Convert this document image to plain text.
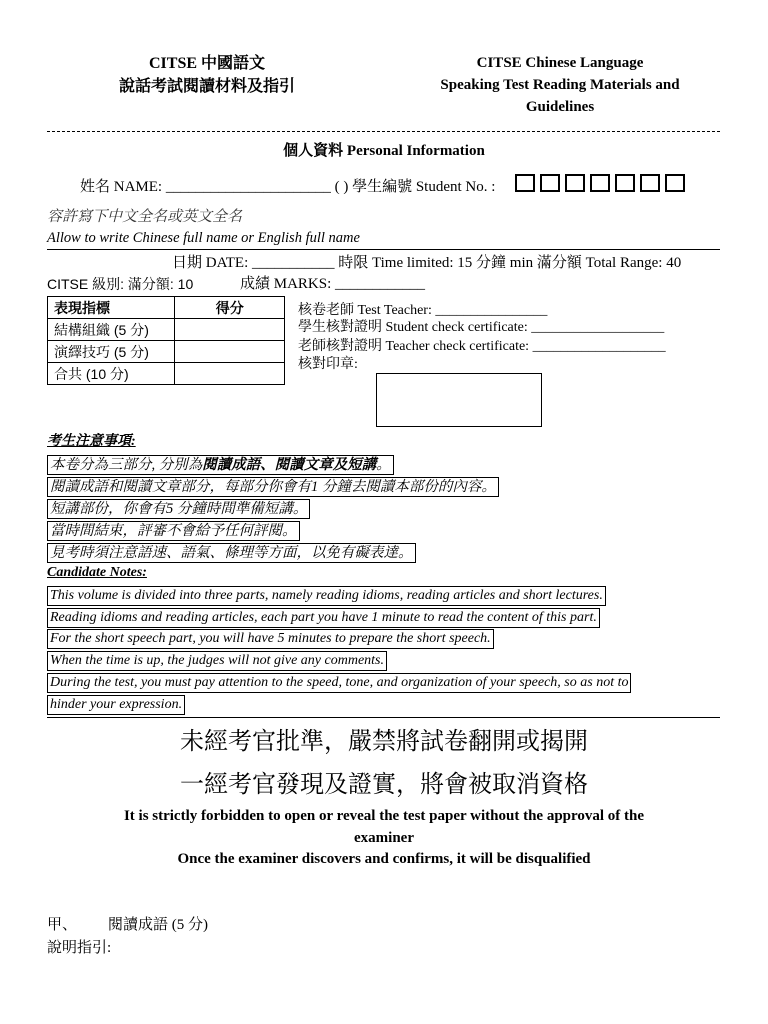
CITSE 中國語文
說話考試閱讀材料及指引
CITSE Chinese Language
Speaking Test Reading Materials and
Guidelines
個人資料 Personal Information
姓名 NAME: ______________________ ( ) 學生編號 Student No. :
容許寫下中文全名或英文全名
Allow to write Chinese full name or English full name
日期 DATE: ___________ 時限 Time limited: 15 分鐘 min 滿分額 Total Range: 40
CITSE 級別: 滿分額: 10	成績 MARKS: ____________
表現指標	得分
結構組織 (5 分)	
演繹技巧 (5 分)	
合共 (10 分)	
核卷老師 Test Teacher: ________________
學生核對證明 Student check certificate: ___________________
老師核對證明 Teacher check certificate: ___________________
核對印章:
考生注意事項:
本卷分為三部分, 分別為閱讀成語、閱讀文章及短講。
閱讀成語和閱讀文章部分，每部分你會有1 分鐘去閱讀本部份的內容。
短講部份，你會有5 分鐘時間準備短講。
當時間結束，評審不會給予任何評閱。
見考時須注意語速、語氣、條理等方面，以免有礙表達。
Candidate Notes:
This volume is divided into three parts, namely reading idioms, reading articles and short lectures.
Reading idioms and reading articles, each part you have 1 minute to read the content of this part.
For the short speech part, you will have 5 minutes to prepare the short speech.
When the time is up, the judges will not give any comments.
During the test, you must pay attention to the speed, tone, and organization of your speech, so as not to
hinder your expression.
未經考官批準，嚴禁將試卷翻開或揭開
一經考官發現及證實，將會被取消資格
It is strictly forbidden to open or reveal the test paper without the approval of the
examiner
Once the examiner discovers and confirms, it will be disqualified
甲、 閱讀成語 (5 分)
說明指引:
